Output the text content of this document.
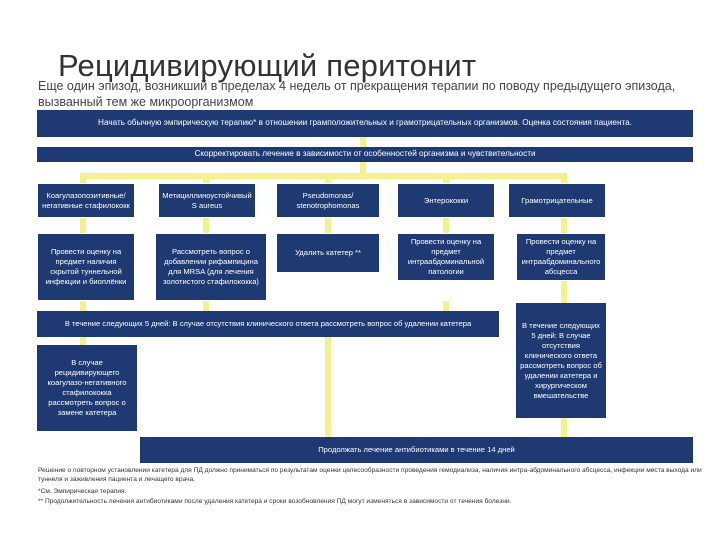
Рецидивирующий перитонит
Еще один эпизод, возникший в пределах 4 недель от прекращения терапии по поводу предыдущего эпизода, вызванный тем же микроорганизмом
Начать обычную эмпирическую терапию* в отношении грамположительных и грамотрицательных организмов. Оценка состояния пациента.
Скорректировать лечение в зависимости от особенностей организма и чувствительности
Коагулазопозитивные/негативные стафилококк
Метициллиноустойчивый S aureus
Pseudomonas/ stenotrophomonas
Энтерококки	Грамотрицательные
Провести оценку на предмет наличия скрытой туннельной инфекции и биоплёнки
Рассмотреть вопрос о добавлении рифампицина для MRSA (для лечения золотистого стафилококка)
Удалить катетер **
Провести оценку на предмет интраабдоминальной патологии
Провести оценку на предмет интраабдоминального абсцесса
В течение следующих 5 дней: В случае отсутствия клинического ответа рассмотреть вопрос об удалении катетера	В течение следующих 5 дней: В случае отсутствия клинического ответа рассмотреть вопрос об удалении катетера и хирургическом вмешательстве
В случае рецидивирующего коагулазо-негативного стафилококка рассмотреть вопрос о замене катетера
Продолжать лечение антибиотиками в течение 14 дней
Решение о повторном установлении катетера для ПД должно приниматься по результатам оценки целесообразности проведения гемодиализа, наличия интра-абдоминального абсцесса, инфекции места выхода или туннеля и заживления пациента и лечащего врача.
*См. Эмпирическая терапия.
** Продолжительность лечения антибиотиками после удаления катетера и сроки возобновления ПД могут изменяться в зависимости от течения болезни.
